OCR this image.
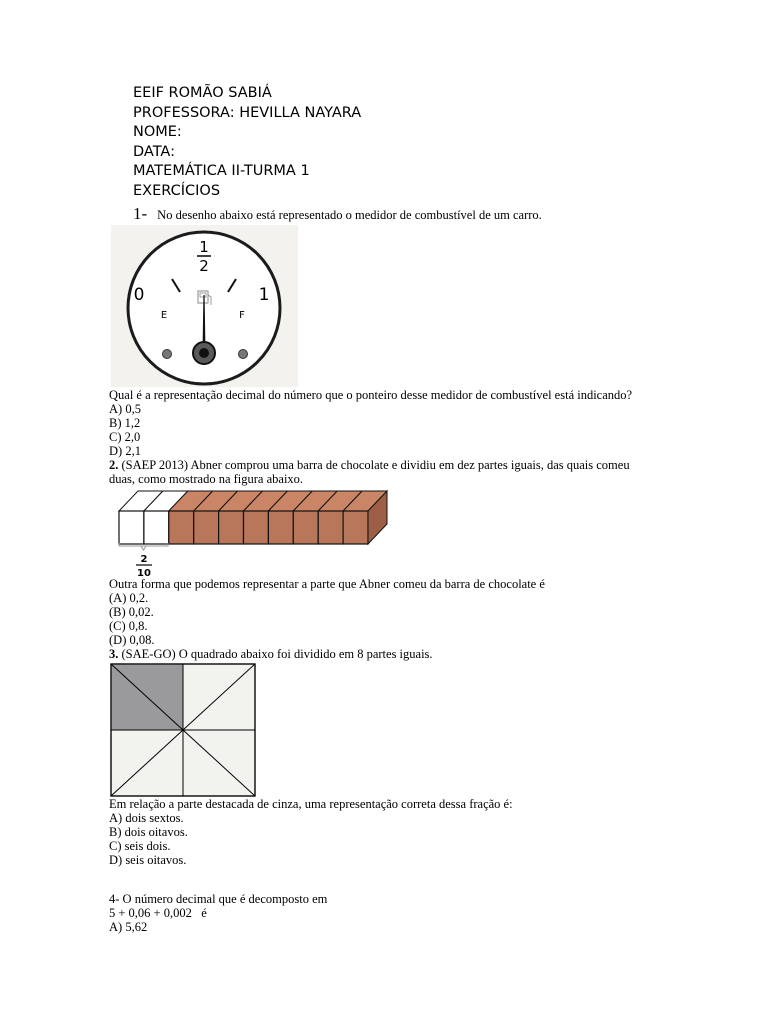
EEIF ROMÃO SABIÁ
PROFESSORA: HEVILLA NAYARA
NOME:
DATA:
MATEMÁTICA II-TURMA 1
EXERCÍCIOS
1- No desenho abaixo está representado o medidor de combustível de um carro.
1
2
0	1
E	F
Qual é a representação decimal do número que o ponteiro desse medidor de combustível está indicando?
A) 0,5
B) 1,2
C) 2,0
D) 2,1
2. (SAEP 2013) Abner comprou uma barra de chocolate e dividiu em dez partes iguais, das quais comeu
duas, como mostrado na figura abaixo.
2
10
Outra forma que podemos representar a parte que Abner comeu da barra de chocolate é
(A) 0,2.
(B) 0,02.
(C) 0,8.
(D) 0,08.
3. (SAE-GO) O quadrado abaixo foi dividido em 8 partes iguais.
Em relação a parte destacada de cinza, uma representação correta dessa fração é:
A) dois sextos.
B) dois oitavos.
C) seis dois.
D) seis oitavos.
4- O número decimal que é decomposto em
5 + 0,06 + 0,002   é
A) 5,62
